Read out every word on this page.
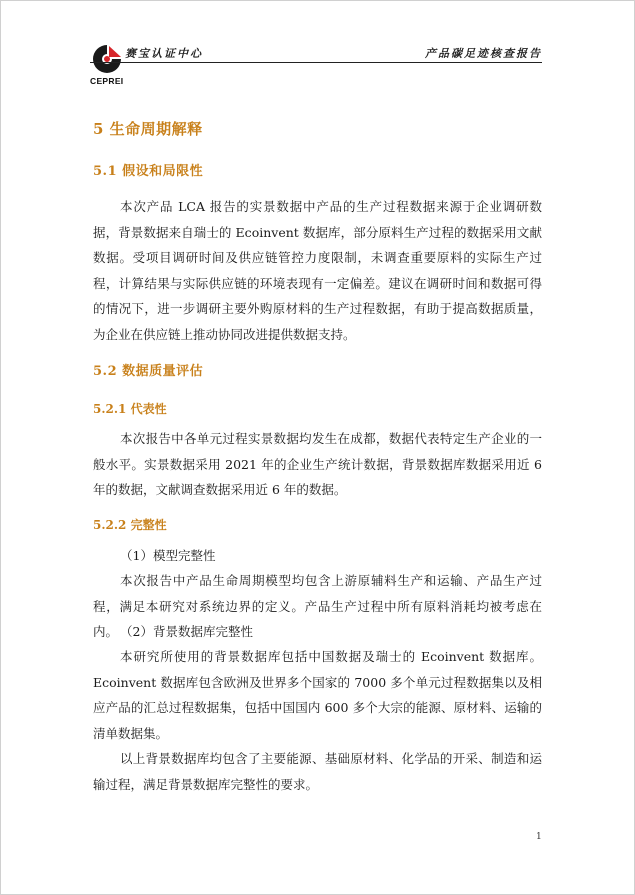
CEPREI
赛宝认证中心	产品碳足迹核查报告
5 生命周期解释
5.1 假设和局限性
本次产品 LCA 报告的实景数据中产品的生产过程数据来源于企业调研数据，背景数据来自瑞士的 Ecoinvent 数据库，部分原料生产过程的数据采用文献数据。受项目调研时间及供应链管控力度限制，未调查重要原料的实际生产过程，计算结果与实际供应链的环境表现有一定偏差。建议在调研时间和数据可得的情况下，进一步调研主要外购原材料的生产过程数据，有助于提高数据质量，为企业在供应链上推动协同改进提供数据支持。
5.2 数据质量评估
5.2.1 代表性
本次报告中各单元过程实景数据均发生在成都，数据代表特定生产企业的一般水平。实景数据采用 2021 年的企业生产统计数据，背景数据库数据采用近 6 年的数据，文献调查数据采用近 6 年的数据。
5.2.2 完整性
（1）模型完整性
本次报告中产品生命周期模型均包含上游原辅料生产和运输、产品生产过程，满足本研究对系统边界的定义。产品生产过程中所有原料消耗均被考虑在内。 （2）背景数据库完整性
本研究所使用的背景数据库包括中国数据及瑞士的 Ecoinvent 数据库。Ecoinvent 数据库包含欧洲及世界多个国家的 7000 多个单元过程数据集以及相应产品的汇总过程数据集，包括中国国内 600 多个大宗的能源、原材料、运输的清单数据集。
以上背景数据库均包含了主要能源、基础原材料、化学品的开采、制造和运输过程，满足背景数据库完整性的要求。
1
